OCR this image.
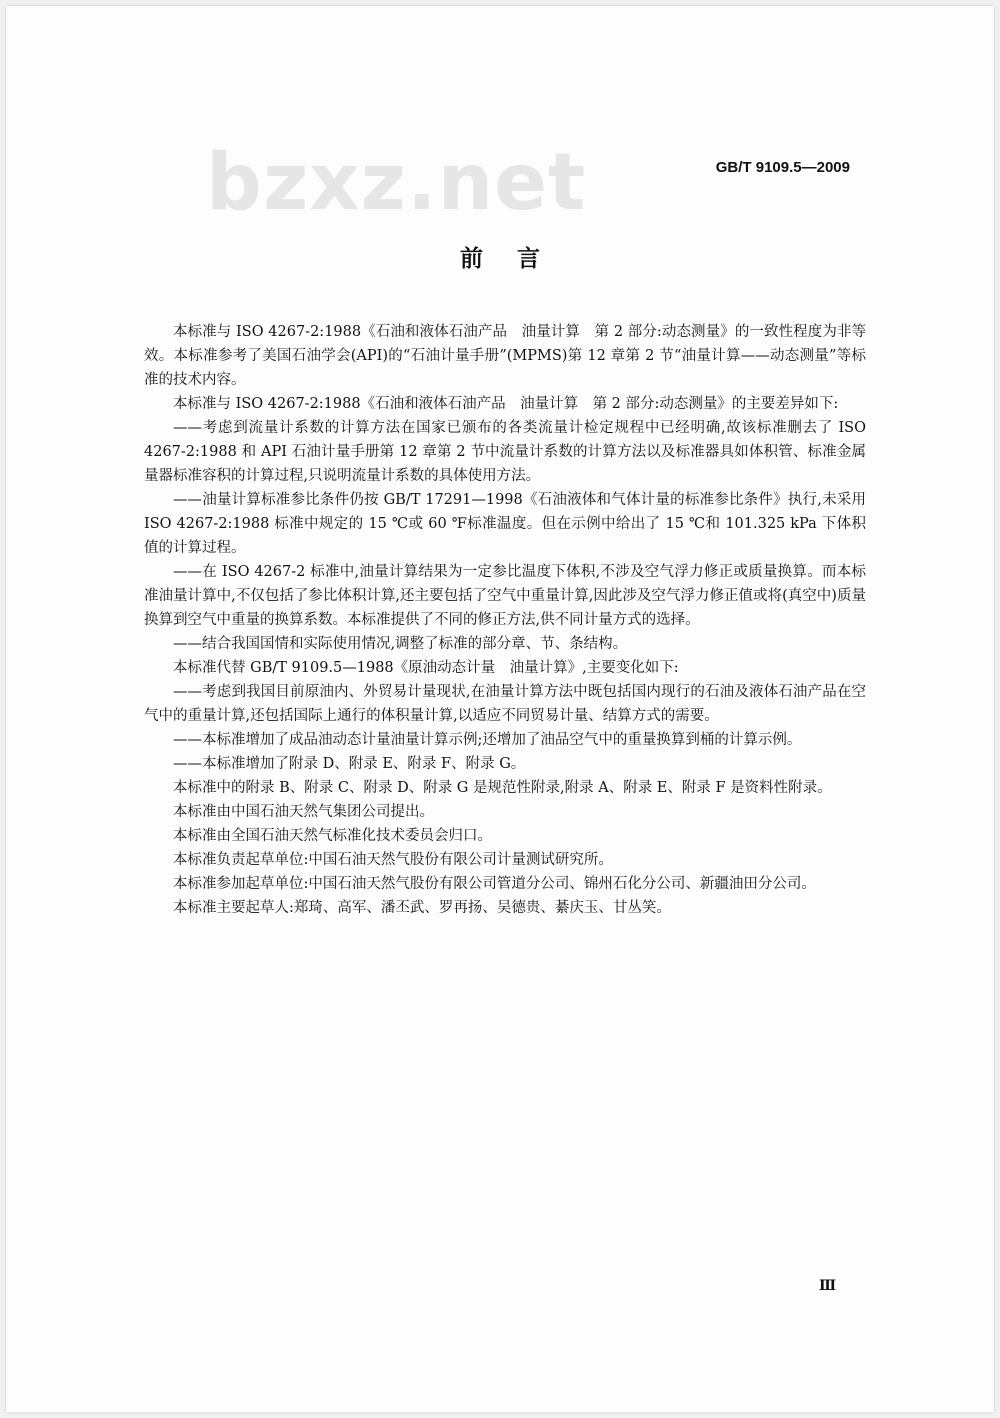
bzxz.net	GB/T 9109.5—2009
前言

本标准与 ISO 4267-2:1988《石油和液体石油产品　油量计算　第 2 部分:动态测量》的一致性程度为非等效。本标准参考了美国石油学会(API)的“石油计量手册”(MPMS)第 12 章第 2 节“油量计算——动态测量”等标准的技术内容。

本标准与 ISO 4267-2:1988《石油和液体石油产品　油量计算　第 2 部分:动态测量》的主要差异如下:

——考虑到流量计系数的计算方法在国家已颁布的各类流量计检定规程中已经明确,故该标准删去了 ISO 4267-2:1988 和 API 石油计量手册第 12 章第 2 节中流量计系数的计算方法以及标准器具如体积管、标准金属量器标准容积的计算过程,只说明流量计系数的具体使用方法。

——油量计算标准参比条件仍按 GB/T 17291—1998《石油液体和气体计量的标准参比条件》执行,未采用 ISO 4267-2:1988 标准中规定的 15 ℃或 60 ℉标准温度。但在示例中给出了 15 ℃和 101.325 kPa 下体积值的计算过程。

——在 ISO 4267-2 标准中,油量计算结果为一定参比温度下体积,不涉及空气浮力修正或质量换算。而本标准油量计算中,不仅包括了参比体积计算,还主要包括了空气中重量计算,因此涉及空气浮力修正值或将(真空中)质量换算到空气中重量的换算系数。本标准提供了不同的修正方法,供不同计量方式的选择。

——结合我国国情和实际使用情况,调整了标准的部分章、节、条结构。

本标准代替 GB/T 9109.5—1988《原油动态计量　油量计算》,主要变化如下:

——考虑到我国目前原油内、外贸易计量现状,在油量计算方法中既包括国内现行的石油及液体石油产品在空气中的重量计算,还包括国际上通行的体积量计算,以适应不同贸易计量、结算方式的需要。

——本标准增加了成品油动态计量油量计算示例;还增加了油品空气中的重量换算到桶的计算示例。

——本标准增加了附录 D、附录 E、附录 F、附录 G。

本标准中的附录 B、附录 C、附录 D、附录 G 是规范性附录,附录 A、附录 E、附录 F 是资料性附录。

本标准由中国石油天然气集团公司提出。

本标准由全国石油天然气标准化技术委员会归口。

本标准负责起草单位:中国石油天然气股份有限公司计量测试研究所。

本标准参加起草单位:中国石油天然气股份有限公司管道分公司、锦州石化分公司、新疆油田分公司。

本标准主要起草人:郑琦、高军、潘丕武、罗再扬、吴德贵、綦庆玉、甘丛笑。

Ⅲ
